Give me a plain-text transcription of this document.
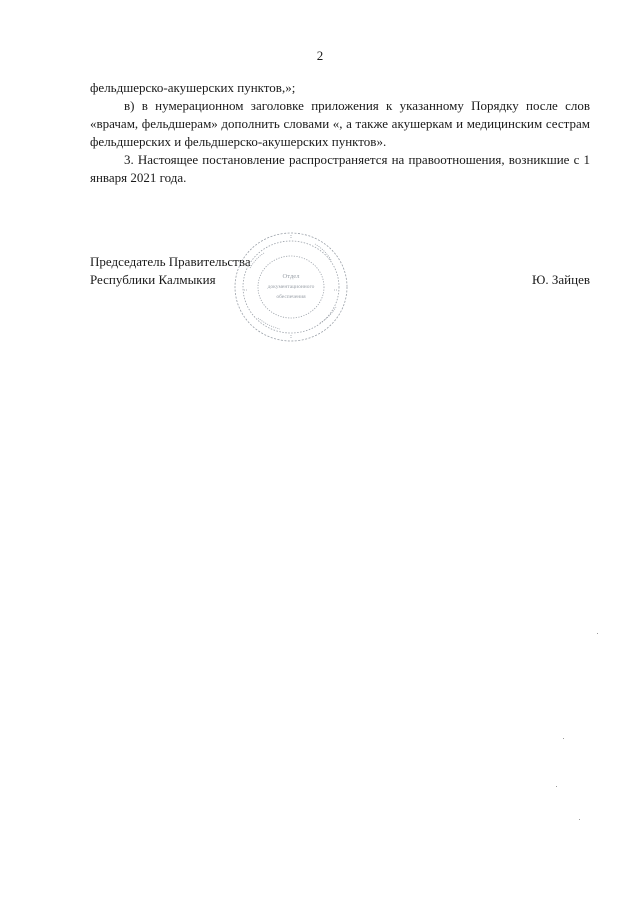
2

фельдшерско-акушерских пунктов,»;

в) в нумерационном заголовке приложения к указанному Порядку после слов «врачам, фельдшерам» дополнить словами «, а также акушеркам и медицинским сестрам фельдшерских и фельдшерско-акушерских пунктов».

3. Настоящее постановление распространяется на правоотношения, возникшие с 1 января 2021 года.

Председатель Правительства
Республики Калмыкия	Ю. Зайцев
Отдел
документационного
обеспечения
